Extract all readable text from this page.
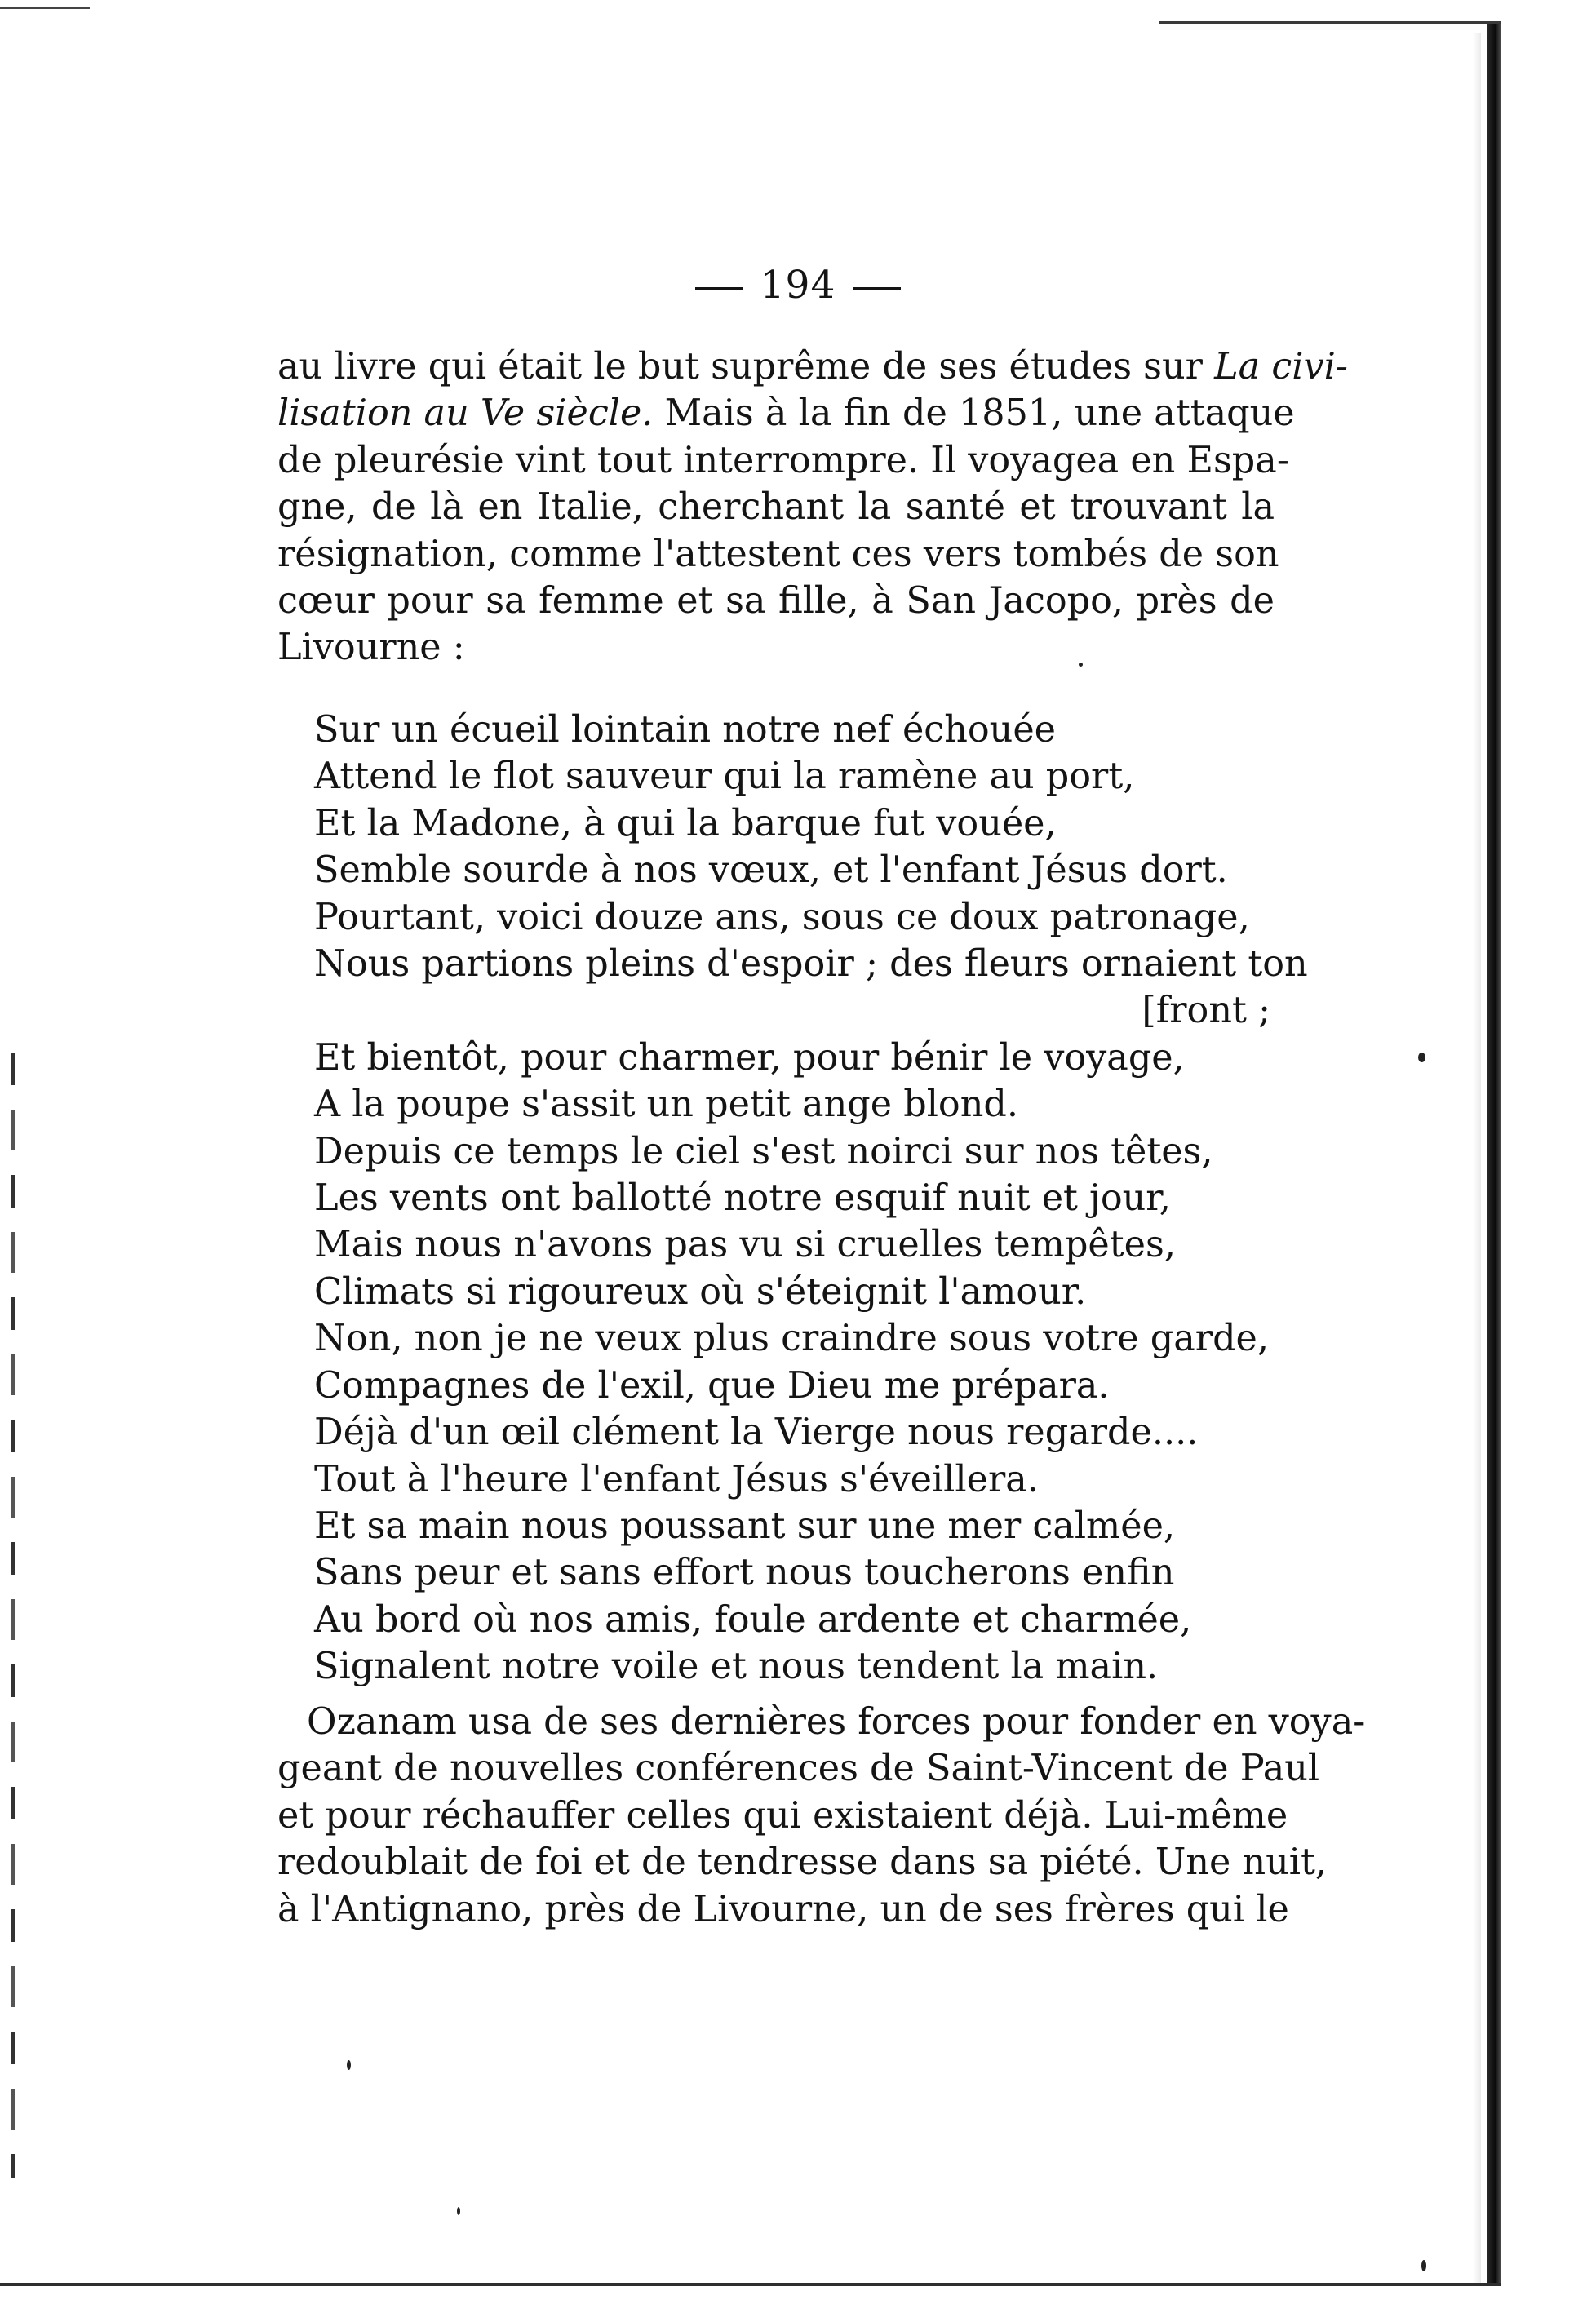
194
au livre qui était le but suprême de ses études sur La civi-
lisation au Ve siècle. Mais à la fin de 1851, une attaque
de pleurésie vint tout interrompre. Il voyagea en Espa-
gne, de là en Italie, cherchant la santé et trouvant la
résignation, comme l'attestent ces vers tombés de son
cœur pour sa femme et sa fille, à San Jacopo, près de
Livourne :
Sur un écueil lointain notre nef échouée
Attend le flot sauveur qui la ramène au port,
Et la Madone, à qui la barque fut vouée,
Semble sourde à nos vœux, et l'enfant Jésus dort.
Pourtant, voici douze ans, sous ce doux patronage,
Nous partions pleins d'espoir ; des fleurs ornaient ton
[front ;
Et bientôt, pour charmer, pour bénir le voyage,
A la poupe s'assit un petit ange blond.
Depuis ce temps le ciel s'est noirci sur nos têtes,
Les vents ont ballotté notre esquif nuit et jour,
Mais nous n'avons pas vu si cruelles tempêtes,
Climats si rigoureux où s'éteignit l'amour.
Non, non je ne veux plus craindre sous votre garde,
Compagnes de l'exil, que Dieu me prépara.
Déjà d'un œil clément la Vierge nous regarde....
Tout à l'heure l'enfant Jésus s'éveillera.
Et sa main nous poussant sur une mer calmée,
Sans peur et sans effort nous toucherons enfin
Au bord où nos amis, foule ardente et charmée,
Signalent notre voile et nous tendent la main.
Ozanam usa de ses dernières forces pour fonder en voya-
geant de nouvelles conférences de Saint-Vincent de Paul
et pour réchauffer celles qui existaient déjà. Lui-même
redoublait de foi et de tendresse dans sa piété. Une nuit,
à l'Antignano, près de Livourne, un de ses frères qui le
